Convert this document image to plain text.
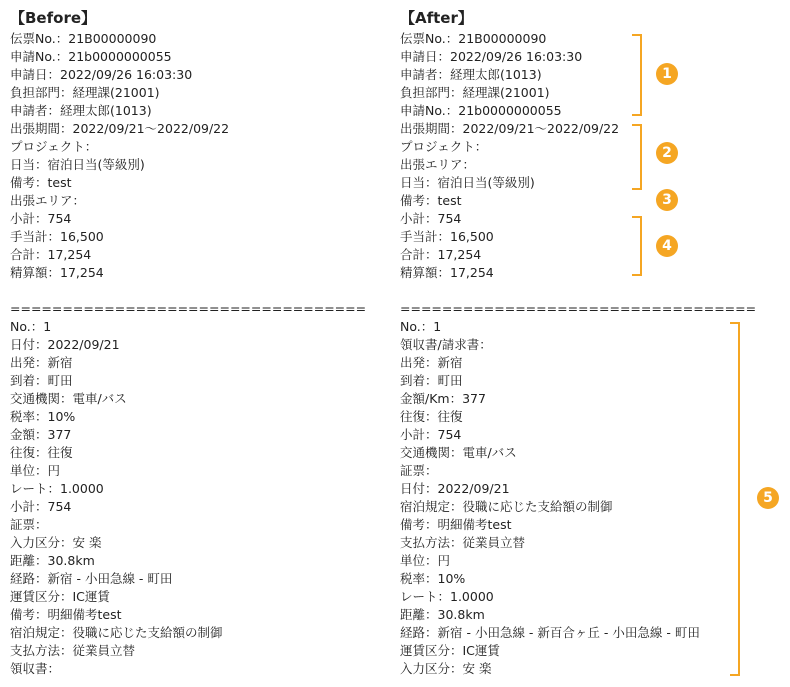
【Before】
伝票No.：21B00000090
申請No.：21b0000000055
申請日：2022/09/26 16:03:30
負担部門：経理課(21001)
申請者：経理太郎(1013)
出張期間：2022/09/21～2022/09/22
プロジェクト：
日当：宿泊日当(等級別)
備考：test
出張エリア：
小計：754
手当計：16,500
合計：17,254
精算額：17,254
==================================
No.：1
日付：2022/09/21
出発：新宿
到着：町田
交通機関：電車/バス
税率：10%
金額：377
往復：往復
単位：円
レート：1.0000
小計：754
証票：
入力区分：安 楽
距離：30.8km
経路：新宿 - 小田急線 - 町田
運賃区分：IC運賃
備考：明細備考test
宿泊規定：役職に応じた支給額の制御
支払方法：従業員立替
領収書：
【After】
伝票No.：21B00000090
申請日：2022/09/26 16:03:30
申請者：経理太郎(1013)
負担部門：経理課(21001)
申請No.：21b0000000055
出張期間：2022/09/21～2022/09/22
プロジェクト：
出張エリア：
日当：宿泊日当(等級別)
備考：test
小計：754
手当計：16,500
合計：17,254
精算額：17,254
==================================
No.：1
領収書/請求書：
出発：新宿
到着：町田
金額/Km：377
往復：往復
小計：754
交通機関：電車/バス
証票：
日付：2022/09/21
宿泊規定：役職に応じた支給額の制御
備考：明細備考test
支払方法：従業員立替
単位：円
税率：10%
レート：1.0000
距離：30.8km
経路：新宿 - 小田急線 - 新百合ヶ丘 - 小田急線 - 町田
運賃区分：IC運賃
入力区分：安 楽
1
2
3
4
5
